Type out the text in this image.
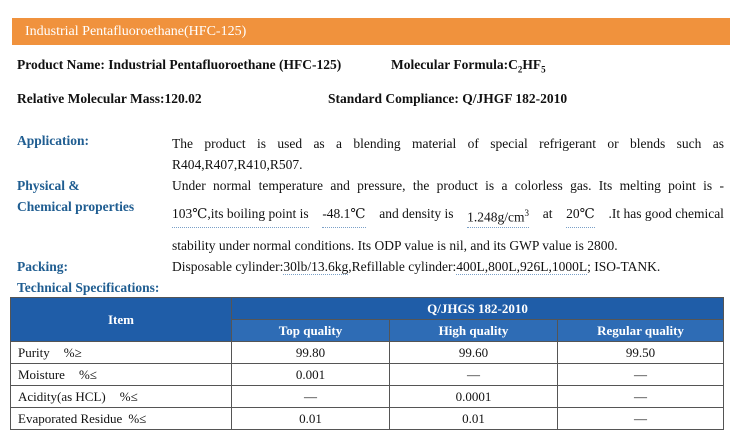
Industrial Pentafluoroethane(HFC-125)
Product Name: Industrial Pentafluoroethane (HFC-125)	Molecular $Formula:C_2HF_5$
Relative Molecular Mass:120.02	Standard Compliance: Q/JHGF 182-2010
Application:	The product is used as a blending material of special refrigerant or blends such as
R404,R407,R410,R507.
Physical &
Chemical properties
Under normal temperature and pressure, the product is a colorless gas. Its melting point is -
103℃,its boiling point is -48.1℃ and density is $1.248g/cm^3$ at 20℃ .It has good chemical
stability under normal conditions. Its ODP value is nil, and its GWP value is 2800.
Packing:	Disposable cylinder:30lb/13.6kg,Refillable cylinder:400L,800L,926L,1000L; ISO-TANK.
Technical Specifications:
Item	Q/JHGS 182-2010		
	Top quality	High quality	Regular quality
Purity %≥	99.80	99.60	99.50
Moisture %≤	0.001	—	—
Acidity(as HCL) %≤	—	0.0001	—
Evaporated Residue %≤	0.01	0.01	—
